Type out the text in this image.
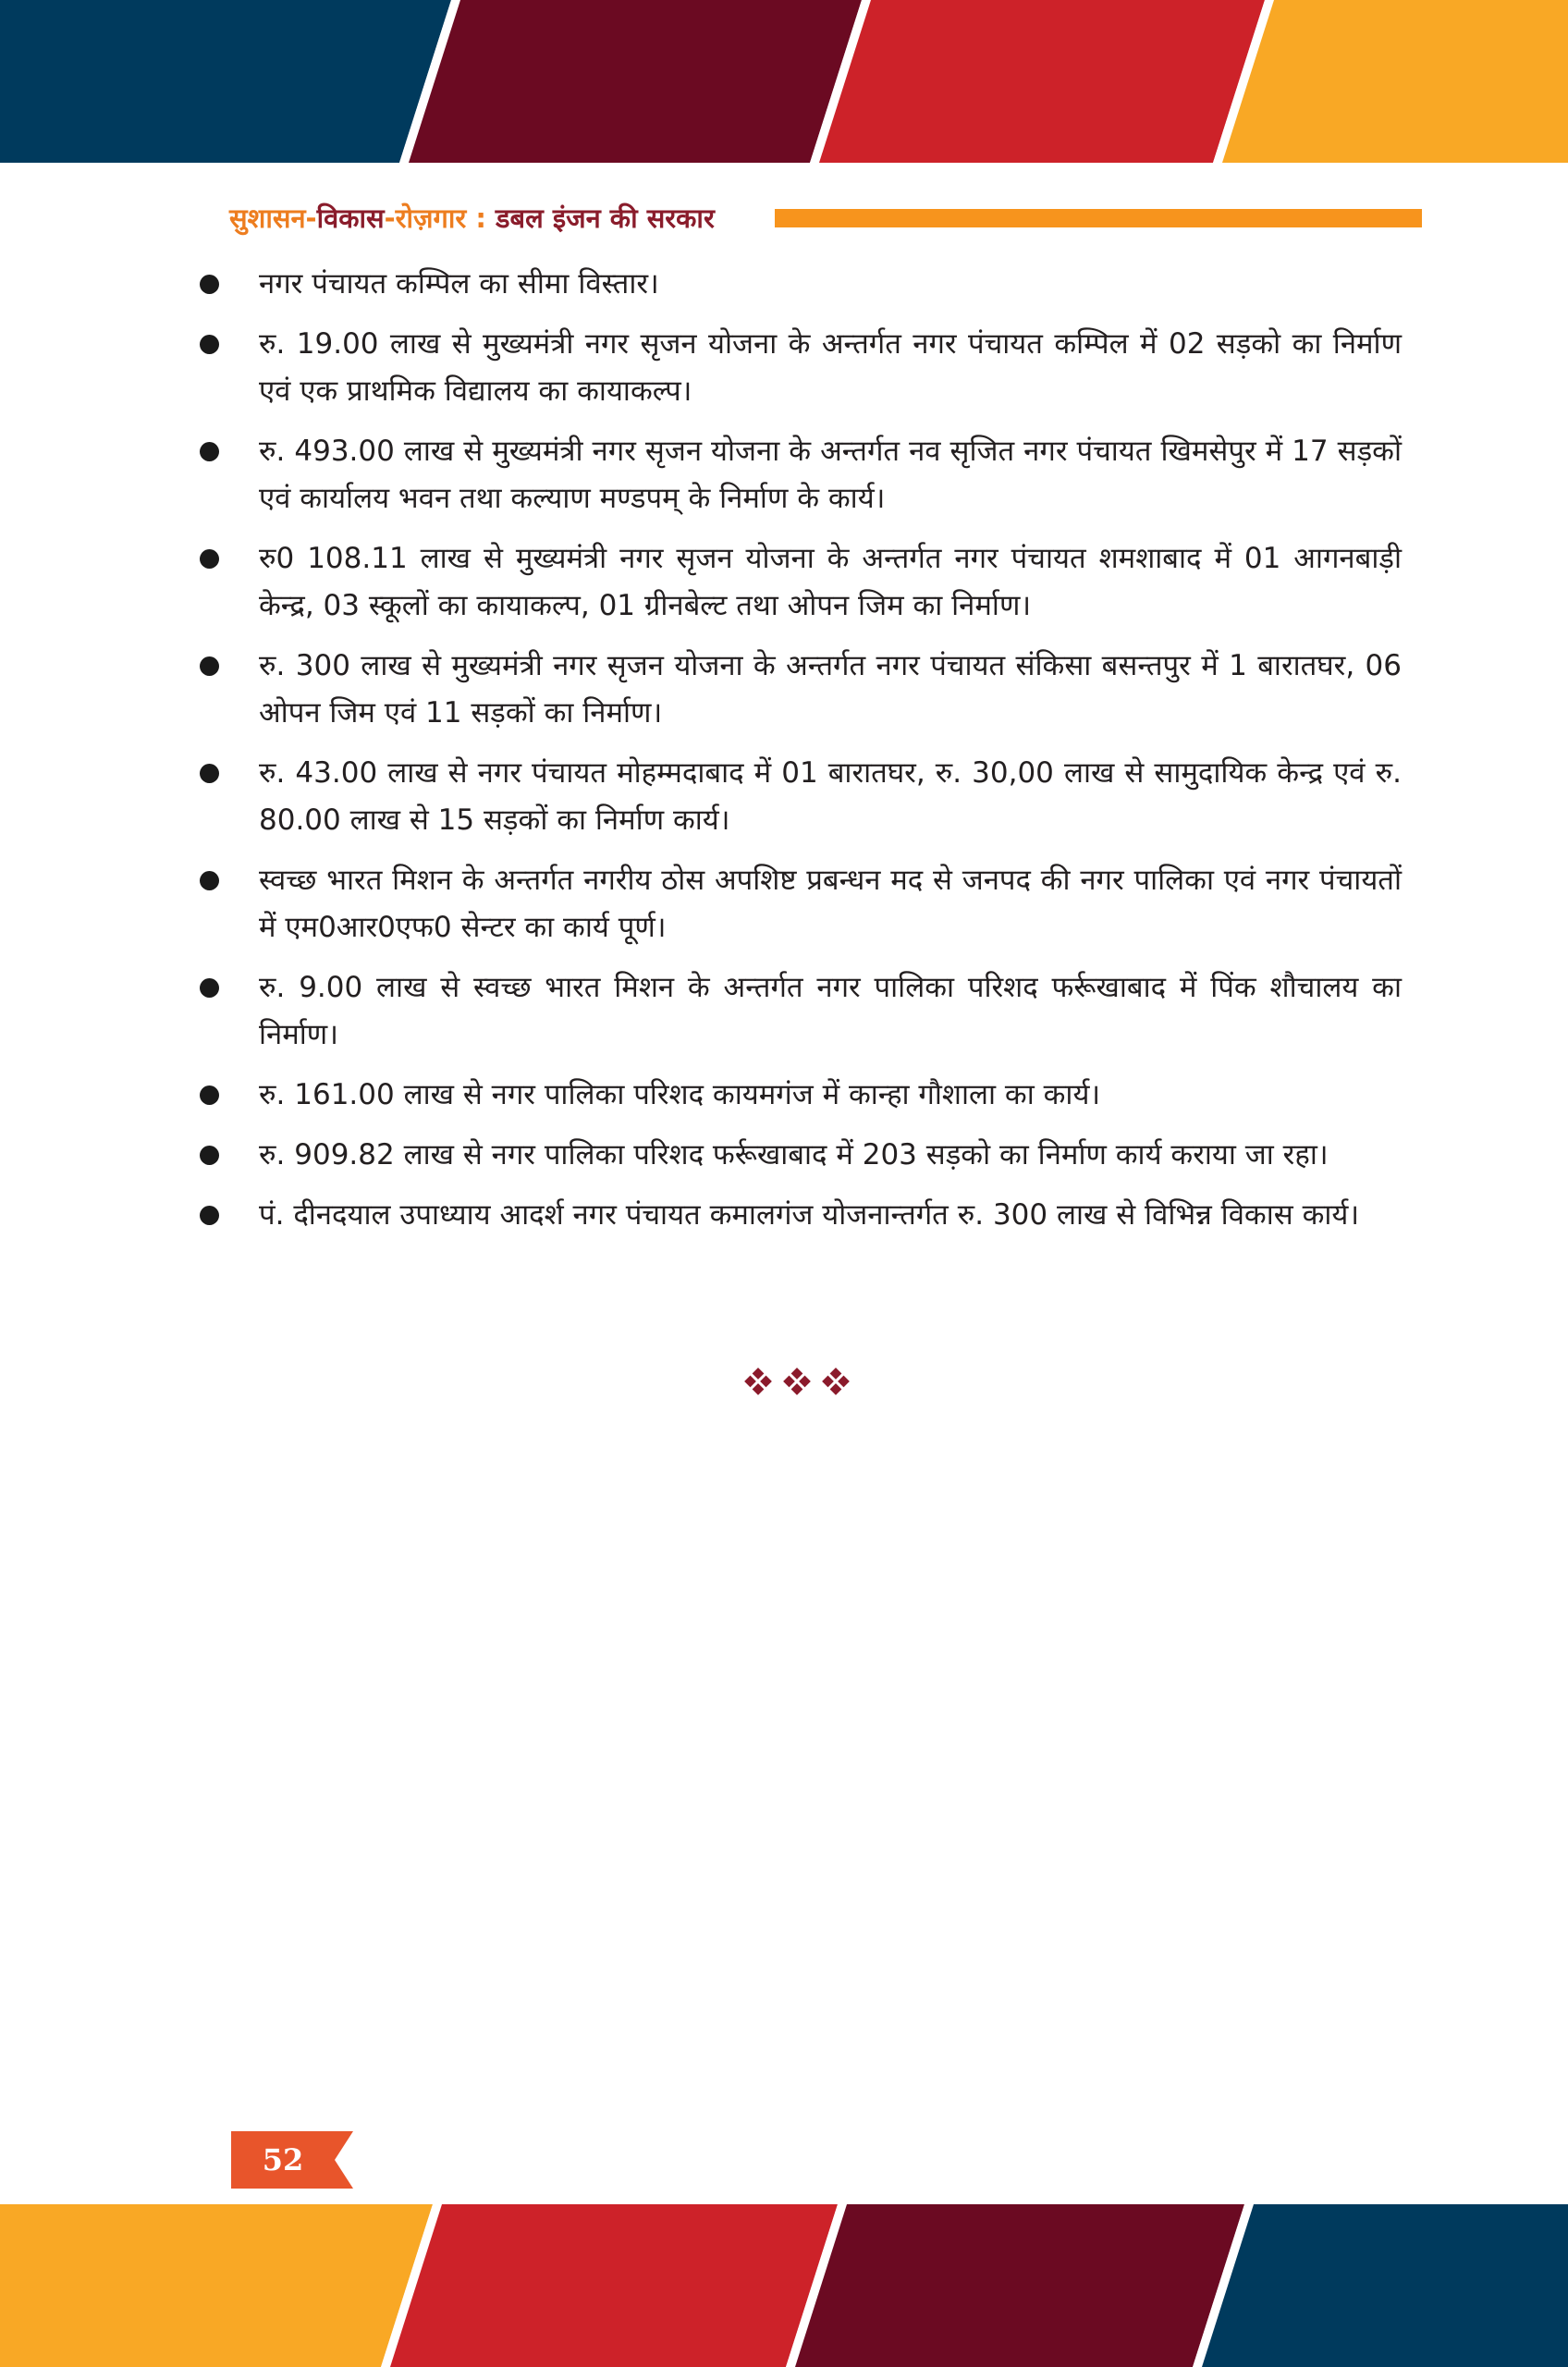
सुशासन-विकास-रोज़गार : डबल इंजन की सरकार
नगर पंचायत कम्पिल का सीमा विस्तार।
रु. 19.00 लाख से मुख्यमंत्री नगर सृजन योजना के अन्तर्गत नगर पंचायत कम्पिल में 02 सड़को का निर्माण एवं एक प्राथमिक विद्यालय का कायाकल्प।
रु. 493.00 लाख से मुख्यमंत्री नगर सृजन योजना के अन्तर्गत नव सृजित नगर पंचायत खिमसेपुर में 17 सड़कों एवं कार्यालय भवन तथा कल्याण मण्डपम् के निर्माण के कार्य।
रु0 108.11 लाख से मुख्यमंत्री नगर सृजन योजना के अन्तर्गत नगर पंचायत शमशाबाद में 01 आगनबाड़ी केन्द्र, 03 स्कूलों का कायाकल्प, 01 ग्रीनबेल्ट तथा ओपन जिम का निर्माण।
रु. 300 लाख से मुख्यमंत्री नगर सृजन योजना के अन्तर्गत नगर पंचायत संकिसा बसन्तपुर में 1 बारातघर, 06 ओपन जिम एवं 11 सड़कों का निर्माण।
रु. 43.00 लाख से नगर पंचायत मोहम्मदाबाद में 01 बारातघर, रु. 30,00 लाख से सामुदायिक केन्द्र एवं रु. 80.00 लाख से 15 सड़कों का निर्माण कार्य।
स्वच्छ भारत मिशन के अन्तर्गत नगरीय ठोस अपशिष्ट प्रबन्धन मद से जनपद की नगर पालिका एवं नगर पंचायतों में एम0आर0एफ0 सेन्टर का कार्य पूर्ण।
रु. 9.00 लाख से स्वच्छ भारत मिशन के अन्तर्गत नगर पालिका परिशद फर्रूखाबाद में पिंक शौचालय का निर्माण।
रु. 161.00 लाख से नगर पालिका परिशद कायमगंज में कान्हा गौशाला का कार्य।
रु. 909.82 लाख से नगर पालिका परिशद फर्रूखाबाद में 203 सड़को का निर्माण कार्य कराया जा रहा।
पं. दीनदयाल उपाध्याय आदर्श नगर पंचायत कमालगंज योजनान्तर्गत रु. 300 लाख से विभिन्न विकास कार्य।
52
